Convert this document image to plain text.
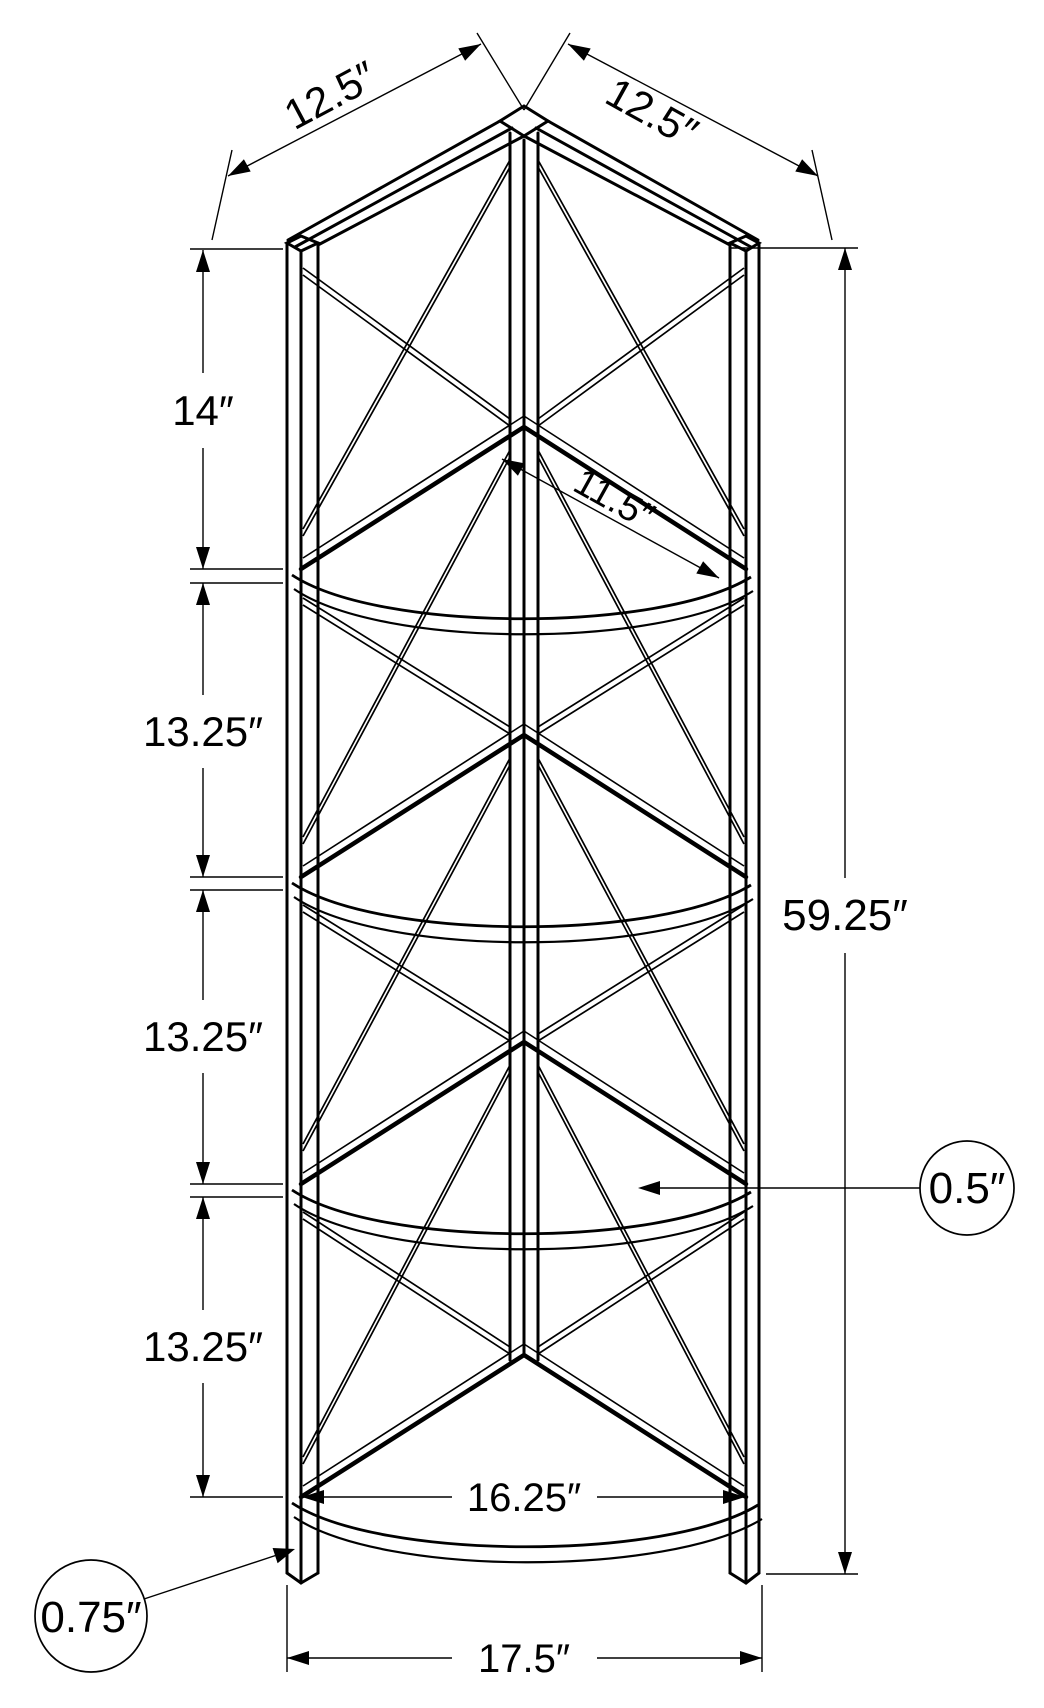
12.5″	12.5″
11.5″
14″
13.25″
13.25″
13.25″
59.25″
16.25″
17.5″
0.5″
0.75″
